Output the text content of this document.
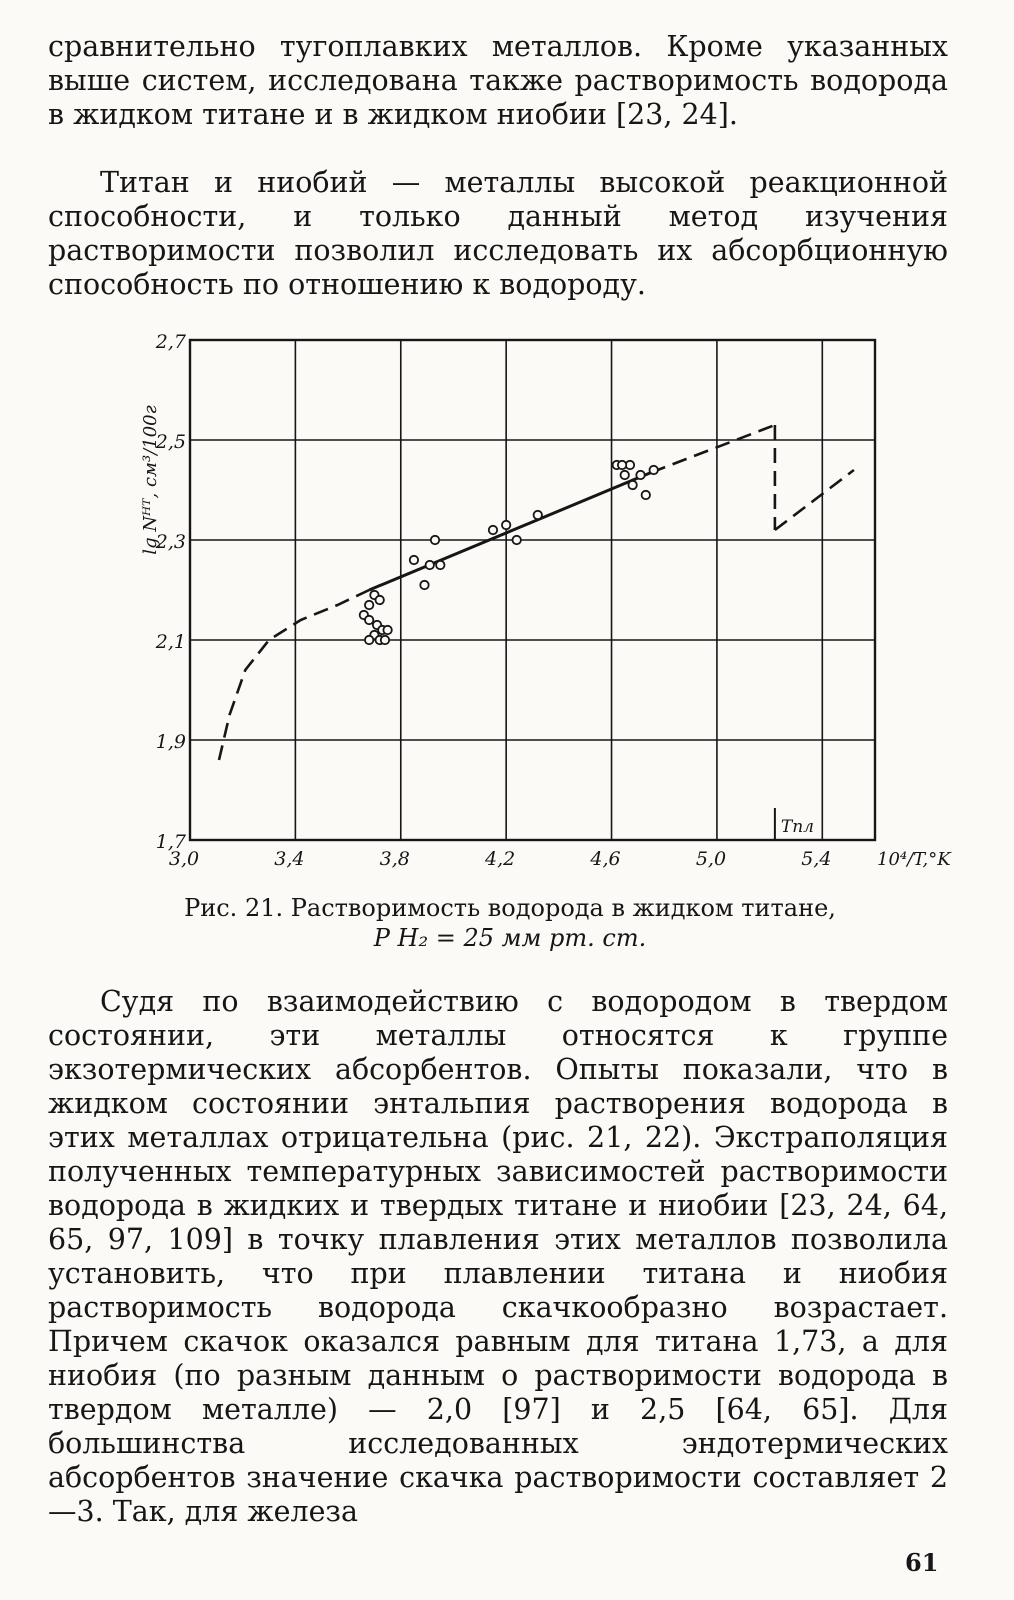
сравнительно тугоплавких металлов. Кроме указанных выше систем, исследована также растворимость водорода в жидком титане и в жидком ниобии [23, 24].

Титан и ниобий — металлы высокой реакционной способности, и только данный метод изучения растворимости позволил исследовать их абсорбционную способность по отношению к водороду.

3,0	3,4	3,8	4,2	4,6	5,0	5,4
1,7
1,9
2,1
2,3
2,5
2,7
10⁴/T,°K
lg Nᴴᵀ, см³/100г
Tпл
Рис. 21. Растворимость водорода в жидком титане,
P H₂ = 25 мм рт. ст.

Судя по взаимодействию с водородом в твердом состоянии, эти металлы относятся к группе экзотермических абсорбентов. Опыты показали, что в жидком состоянии энтальпия растворения водорода в этих металлах отрицательна (рис. 21, 22). Экстраполяция полученных температурных зависимостей растворимости водорода в жидких и твердых титане и ниобии [23, 24, 64, 65, 97, 109] в точку плавления этих металлов позволила установить, что при плавлении титана и ниобия растворимость водорода скачкообразно возрастает. Причем скачок оказался равным для титана 1,73, а для ниобия (по разным данным о растворимости водорода в твердом металле) — 2,0 [97] и 2,5 [64, 65]. Для большинства исследованных эндотермических абсорбентов значение скачка растворимости составляет 2—3. Так, для железа

61
